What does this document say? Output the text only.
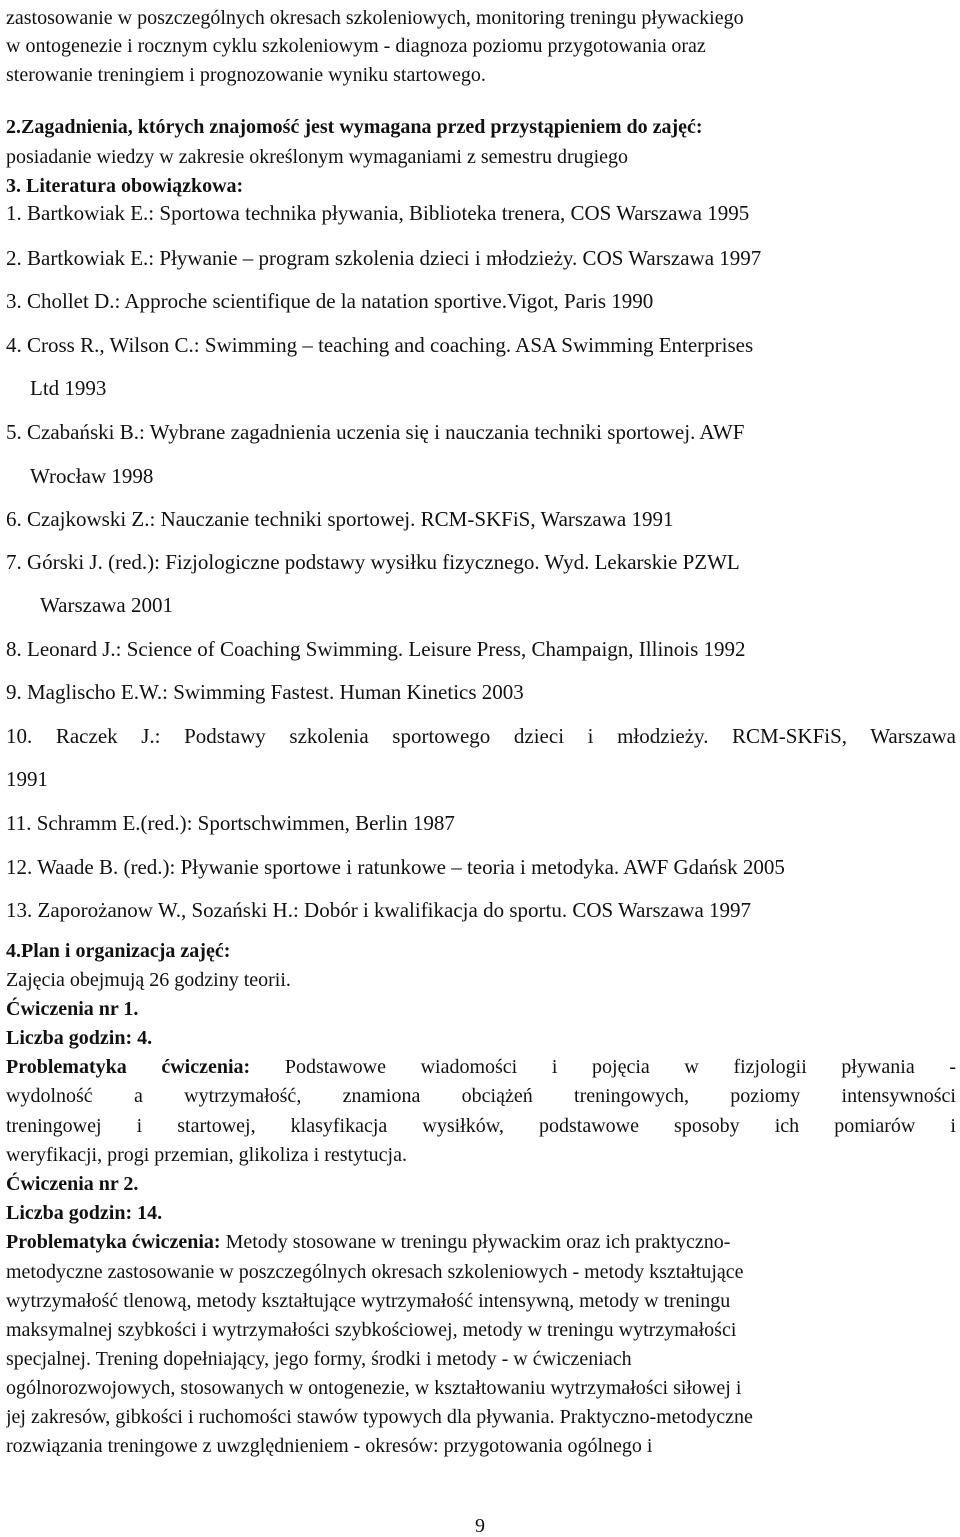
zastosowanie w poszczególnych okresach szkoleniowych, monitoring treningu pływackiego
w ontogenezie i rocznym cyklu szkoleniowym - diagnoza poziomu przygotowania oraz
sterowanie treningiem i prognozowanie wyniku startowego.
2.Zagadnienia, których znajomość jest wymagana przed przystąpieniem do zajęć:
posiadanie wiedzy w zakresie określonym wymaganiami z semestru drugiego
3. Literatura obowiązkowa:
1. Bartkowiak E.: Sportowa technika pływania, Biblioteka trenera, COS Warszawa 1995
2. Bartkowiak E.: Pływanie – program szkolenia dzieci i młodzieży. COS Warszawa 1997
3. Chollet D.: Approche scientifique de la natation sportive.Vigot, Paris 1990
4. Cross R., Wilson C.: Swimming – teaching and coaching. ASA Swimming Enterprises
Ltd 1993
5. Czabański B.: Wybrane zagadnienia uczenia się i nauczania techniki sportowej. AWF
Wrocław 1998
6. Czajkowski Z.: Nauczanie techniki sportowej. RCM-SKFiS, Warszawa 1991
7. Górski J. (red.): Fizjologiczne podstawy wysiłku fizycznego. Wyd. Lekarskie PZWL
Warszawa 2001
8. Leonard J.: Science of Coaching Swimming. Leisure Press, Champaign, Illinois 1992
9. Maglischo E.W.: Swimming Fastest. Human Kinetics 2003
10. Raczek J.: Podstawy szkolenia sportowego dzieci i młodzieży. RCM-SKFiS, Warszawa
1991
11. Schramm E.(red.): Sportschwimmen, Berlin 1987
12. Waade B. (red.): Pływanie sportowe i ratunkowe – teoria i metodyka. AWF Gdańsk 2005
13. Zaporożanow W., Sozański H.: Dobór i kwalifikacja do sportu. COS Warszawa 1997
4.Plan i organizacja zajęć:
Zajęcia obejmują 26 godziny teorii.
Ćwiczenia nr 1.
Liczba godzin: 4.
Problematyka ćwiczenia: Podstawowe wiadomości i pojęcia w fizjologii pływania -
wydolność a wytrzymałość, znamiona obciążeń treningowych, poziomy intensywności
treningowej i startowej, klasyfikacja wysiłków, podstawowe sposoby ich pomiarów i
weryfikacji, progi przemian, glikoliza i restytucja.
Ćwiczenia nr 2.
Liczba godzin: 14.
Problematyka ćwiczenia: Metody stosowane w treningu pływackim oraz ich praktyczno-
metodyczne zastosowanie w poszczególnych okresach szkoleniowych - metody kształtujące
wytrzymałość tlenową, metody kształtujące wytrzymałość intensywną, metody w treningu
maksymalnej szybkości i wytrzymałości szybkościowej, metody w treningu wytrzymałości
specjalnej. Trening dopełniający, jego formy, środki i metody - w ćwiczeniach
ogólnorozwojowych, stosowanych w ontogenezie, w kształtowaniu wytrzymałości siłowej i
jej zakresów, gibkości i ruchomości stawów typowych dla pływania. Praktyczno-metodyczne
rozwiązania treningowe z uwzględnieniem - okresów: przygotowania ogólnego i
9
